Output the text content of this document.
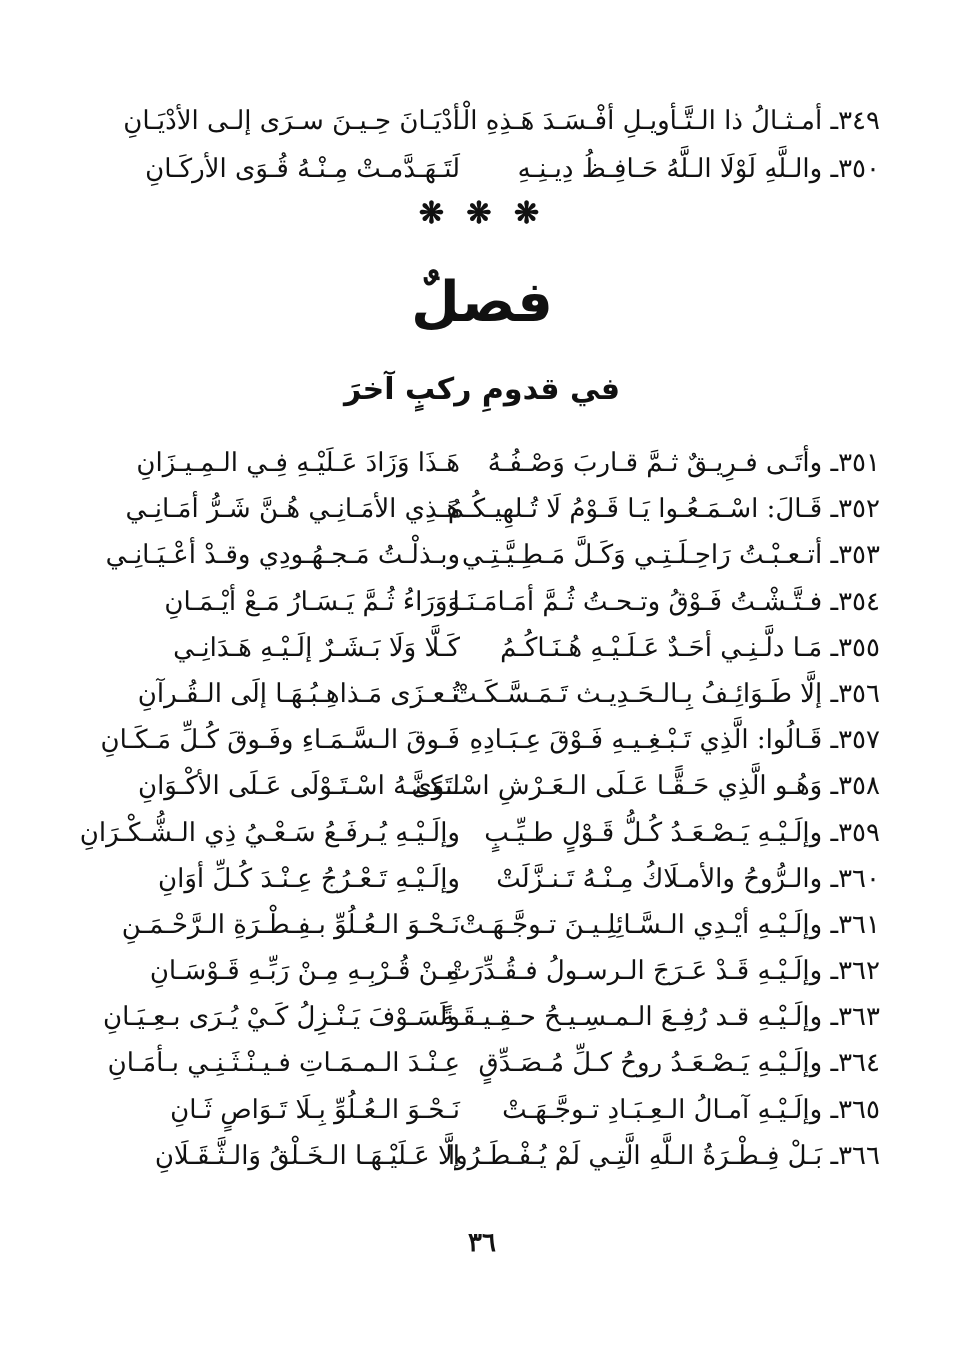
٣٤٩ـ أمـثـالُ ذا الـتَّـأويـلِ أفْـسَـدَ هَـذِهِ الْـ
أدْيَـانَ حِـيـنَ سـرَى إلـى الأدْيَـانِ
٣٥٠ـ والـلَّهِ لَوْلَا الـلَّهُ حَـافِـظُ دِيـنِـهِ
لَتَـهَـدَّمـتْ مِـنْـهُ قُـوَى الأركَـانِ
❋ ❋ ❋
فصلٌ
في قدومِ ركبٍ آخرَ
٣٥١ـ وأتَـى فـرِيـقٌ ثـمَّ قـاربَ وَصْـفُـهُ
هَـذَا وَزَادَ عَـلَيْـهِ فِـي الـمِـيـزَانِ
٣٥٢ـ قَـالَ: اسْـمَـعُـوا يَـا قَـوْمُ لَا تُـلهِيـكُـمُ
هَـذِي الأمَـانِـي هُـنَّ شَـرُّ أمَـانِـي
٣٥٣ـ أتـعـبْـتُ رَاحِـلَـتِـي وَكَـلَّ مَـطِـيَّـتِـي
وبـذلْـتُ مَـجـهُـودِي وقـدْ أعْـيَـانِـي
٣٥٤ـ فـتَّـشْـتُ فَـوْقُ وتـحـتُ ثُـمَّ أمَـامَـنَـا
وَوَرَاءُ ثُـمَّ يَـسَـارُ مَـعْ أيْـمَـانِ
٣٥٥ـ مَـا دلَّـنِـي أحَـدٌ عَـلَـيْـهِ هُـنَـاكُـمُ
كَـلَّا وَلَا بَـشَـرٌ إلَـيْـهِ هَـدَانِـي
٣٥٦ـ إلَّا طَـوَائِـفُ بِـالـحَـدِيـث تَـمَـسَّـكَـتْ
تُـعـزَى مَـذاهِـبُـهَـا إلَى الـقُـرآنِ
٣٥٧ـ قَـالُوا: الَّذِي تَـبْـغِـيـهِ فَـوْقَ عِـبَـادِهِ
فَـوقَ الـسَّـمَـاءِ وفَـوقَ كُـلِّ مَـكَـانِ
٣٥٨ـ وَهُـو الَّذِي حَـقًّـا عَـلَى الـعَـرْشِ اسْـتَوَى
لـكـنَّـهُ اسْـتَـوْلَى عَـلَى الأكْـوَانِ
٣٥٩ـ وإلَـيْـهِ يَـصْـعَـدُ كُـلُّ قَـوْلٍ طـيِّـبٍ
وإلَـيْـهِ يُـرفَـعُ سَـعْـيُ ذِي الـشُّـكْـرَانِ
٣٦٠ـ والـرُّوحُ والأمـلَاكُ مِـنْـهُ تَـنـزَّلَتْ
وإلَـيْـهِ تَـعْـرُجُ عِـنْـدَ كُـلِّ أوَانِ
٣٦١ـ وإلَـيْـهِ أيْـدِي الـسَّـائِلِـيـنَ تـوجَّـهَـتْ
نَـحْـوَ الـعُـلُوِّ بـفِـطْـرَةِ الـرَّحْـمَـنِ
٣٦٢ـ وإلَـيْـهِ قَـدْ عَـرَجَ الـرسـولُ فـقُـدِّرَتْ
مِـنْ قُـرْبِـهِ مِـنْ رَبِّـهِ قَـوْسَـانِ
٣٦٣ـ وإلَـيْـهِ قـد رُفِـعَ الـمـسِـيـحُ حـقِـيـقَـةً
ولَسَـوْفَ يَـنْـزِلُ كَـيْ يُـرَى بـعِـيَـانِ
٣٦٤ـ وإلَـيْـهِ يَـصْـعَـدُ روحُ كـلِّ مُـصَـدِّقٍ
عِـنْـدَ الـمـمَـاتِ فـيـنْـثَـنِـي بـأمَـانِ
٣٦٥ـ وإلَـيْـهِ آمـالُ الـعِـبَـادِ تـوجَّـهَـتْ
نَـحْـوَ الـعُـلُوِّ بِـلَا تَـوَاصٍ ثَـانِ
٣٦٦ـ بَـلْ فِـطْـرَةُ الـلَّهِ الَّتِـي لَمْ يُـفْـطَـرُوا
إلَّا عَـلَيْـهَـا الـخَـلْقُ وَالـثَّـقَـلَانِ
٣٦
